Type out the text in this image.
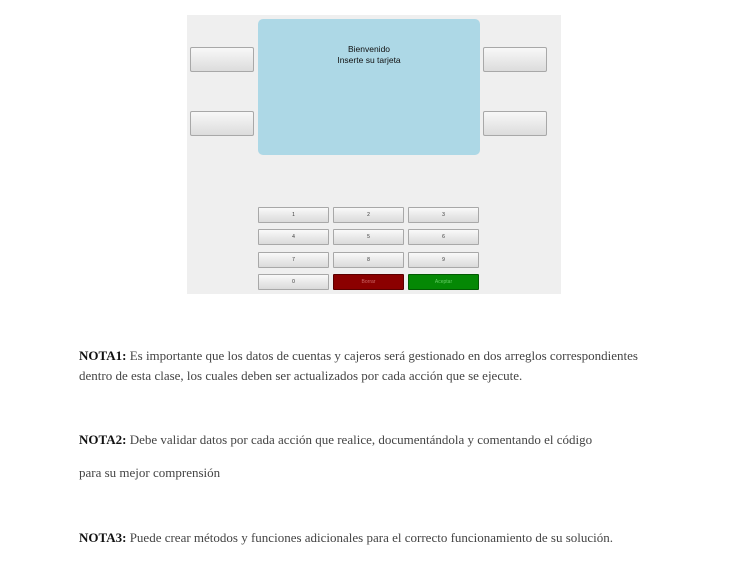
Bienvenido
Inserte su tarjeta
1	2	3
4	5	6
7	8	9
0	Borrar	Aceptar

NOTA1: Es importante que los datos de cuentas y cajeros será gestionado en dos arreglos correspondientes
dentro de esta clase, los cuales deben ser actualizados por cada acción que se ejecute.

NOTA2: Debe validar datos por cada acción que realice, documentándola y comentando el código

para su mejor comprensión

NOTA3: Puede crear métodos y funciones adicionales para el correcto funcionamiento de su solución.
